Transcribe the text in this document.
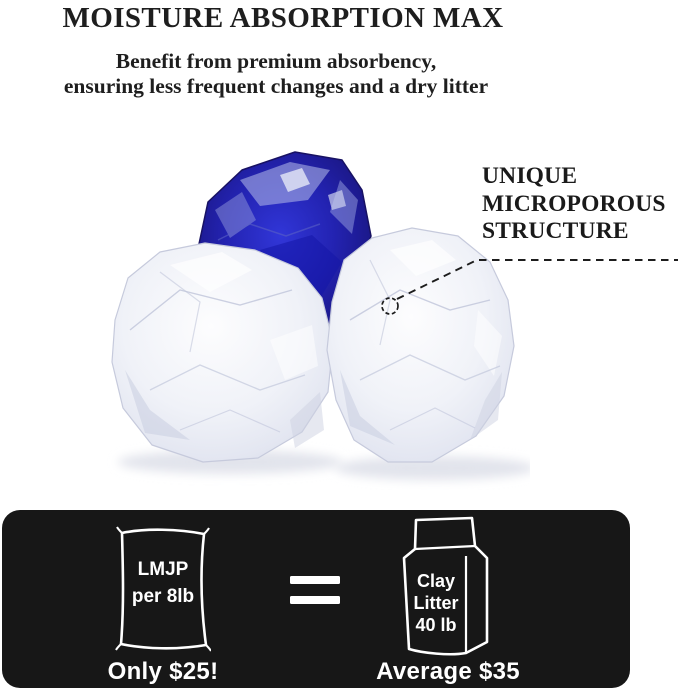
MOISTURE ABSORPTION MAX
Benefit from premium absorbency,
ensuring less frequent changes and a dry litter
UNIQUE
MICROPOROUS
STRUCTURE
LMJP
per 8lb
Only $25!
Clay
Litter
40 lb
Average $35
